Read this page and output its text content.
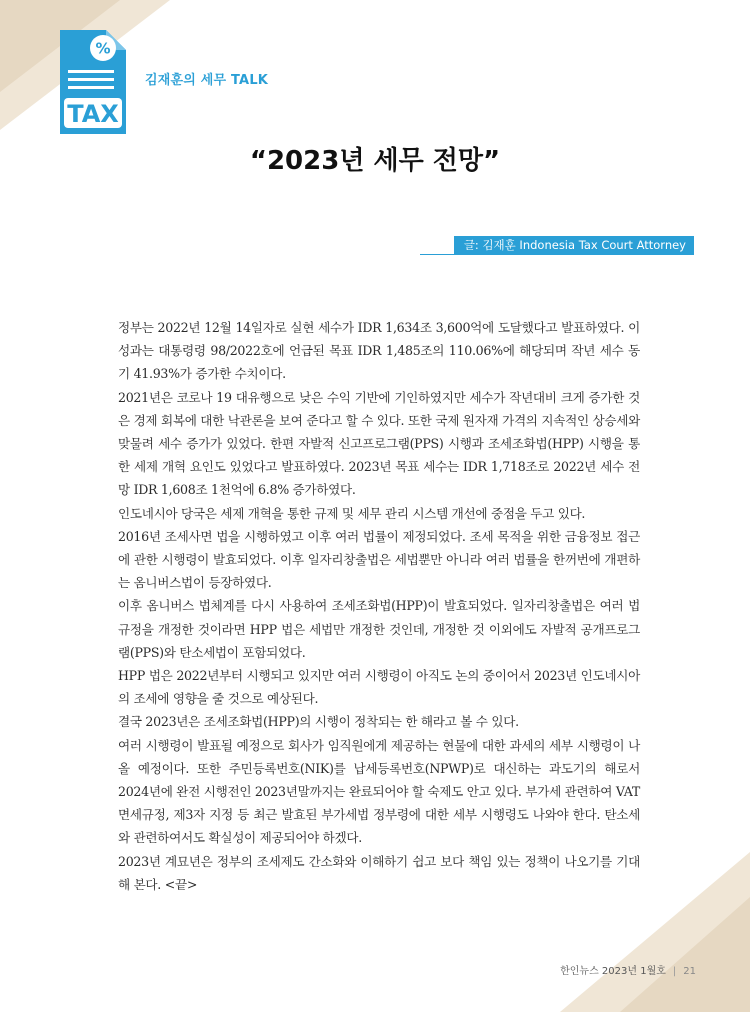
%
TAX
김재훈의 세무 TALK
“2023년 세무 전망”
글: 김재훈 Indonesia Tax Court Attorney

정부는 2022년 12월 14일자로 실현 세수가 IDR 1,634조 3,600억에 도달했다고 발표하였다. 이 성과는 대통령령 98/2022호에 언급된 목표 IDR 1,485조의 110.06%에 해당되며 작년 세수 동기 41.93%가 증가한 수치이다.

2021년은 코로나 19 대유행으로 낮은 수익 기반에 기인하였지만 세수가 작년대비 크게 증가한 것은 경제 회복에 대한 낙관론을 보여 준다고 할 수 있다. 또한 국제 원자재 가격의 지속적인 상승세와 맞물려 세수 증가가 있었다. 한편 자발적 신고프로그램(PPS) 시행과 조세조화법(HPP) 시행을 통한 세제 개혁 요인도 있었다고 발표하였다. 2023년 목표 세수는 IDR 1,718조로 2022년 세수 전망 IDR 1,608조 1천억에 6.8% 증가하였다.

인도네시아 당국은 세제 개혁을 통한 규제 및 세무 관리 시스템 개선에 중점을 두고 있다.

2016년 조세사면 법을 시행하였고 이후 여러 법률이 제정되었다. 조세 목적을 위한 금융정보 접근에 관한 시행령이 발효되었다. 이후 일자리창출법은 세법뿐만 아니라 여러 법률을 한꺼번에 개편하는 옴니버스법이 등장하였다.

이후 옴니버스 법체계를 다시 사용하여 조세조화법(HPP)이 발효되었다. 일자리창출법은 여러 법 규정을 개정한 것이라면 HPP 법은 세법만 개정한 것인데, 개정한 것 이외에도 자발적 공개프로그램(PPS)와 탄소세법이 포함되었다.

HPP 법은 2022년부터 시행되고 있지만 여러 시행령이 아직도 논의 중이어서 2023년 인도네시아의 조세에 영향을 줄 것으로 예상된다.

결국 2023년은 조세조화법(HPP)의 시행이 정착되는 한 해라고 볼 수 있다.

여러 시행령이 발표될 예정으로 회사가 임직원에게 제공하는 현물에 대한 과세의 세부 시행령이 나올 예정이다. 또한 주민등록번호(NIK)를 납세등록번호(NPWP)로 대신하는 과도기의 해로서 2024년에 완전 시행전인 2023년말까지는 완료되어야 할 숙제도 안고 있다. 부가세 관련하여 VAT 면세규정, 제3자 지정 등 최근 발효된 부가세법 정부령에 대한 세부 시행령도 나와야 한다. 탄소세와 관련하여서도 확실성이 제공되어야 하겠다.

2023년 계묘년은 정부의 조세제도 간소화와 이해하기 쉽고 보다 책임 있는 정책이 나오기를 기대해 본다. <끝>

한인뉴스 2023년 1월호 | 21
